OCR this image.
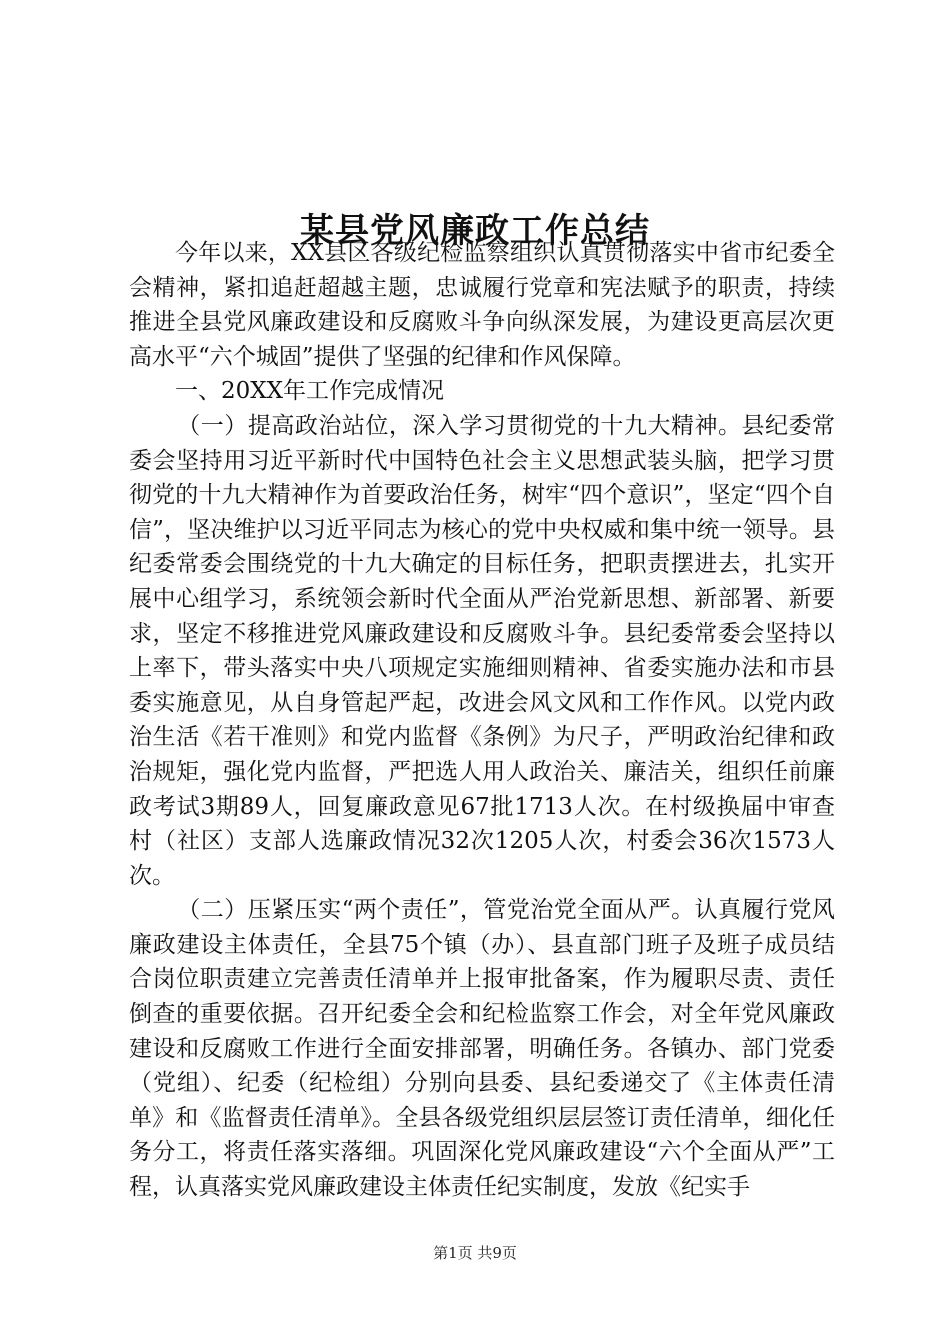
某县党风廉政工作总结

今年以来，XX县区各级纪检监察组织认真贯彻落实中省市纪委全会精神，紧扣追赶超越主题，忠诚履行党章和宪法赋予的职责，持续推进全县党风廉政建设和反腐败斗争向纵深发展，为建设更高层次更高水平“六个城固”提供了坚强的纪律和作风保障。

一、20XX年工作完成情况

（一）提高政治站位，深入学习贯彻党的十九大精神。县纪委常委会坚持用习近平新时代中国特色社会主义思想武装头脑，把学习贯彻党的十九大精神作为首要政治任务，树牢“四个意识”，坚定“四个自信”，坚决维护以习近平同志为核心的党中央权威和集中统一领导。县纪委常委会围绕党的十九大确定的目标任务，把职责摆进去，扎实开展中心组学习，系统领会新时代全面从严治党新思想、新部署、新要求，坚定不移推进党风廉政建设和反腐败斗争。县纪委常委会坚持以上率下，带头落实中央八项规定实施细则精神、省委实施办法和市县委实施意见，从自身管起严起，改进会风文风和工作作风。以党内政治生活《若干准则》和党内监督《条例》为尺子，严明政治纪律和政治规矩，强化党内监督，严把选人用人政治关、廉洁关，组织任前廉政考试3期89人，回复廉政意见67批1713人次。在村级换届中审查村（社区）支部人选廉政情况32次1205人次，村委会36次1573人次。

（二）压紧压实“两个责任”，管党治党全面从严。认真履行党风廉政建设主体责任，全县75个镇（办）、县直部门班子及班子成员结合岗位职责建立完善责任清单并上报审批备案，作为履职尽责、责任倒查的重要依据。召开纪委全会和纪检监察工作会，对全年党风廉政建设和反腐败工作进行全面安排部署，明确任务。各镇办、部门党委（党组）、纪委（纪检组）分别向县委、县纪委递交了《主体责任清单》和《监督责任清单》。全县各级党组织层层签订责任清单，细化任务分工，将责任落实落细。巩固深化党风廉政建设“六个全面从严”工程，认真落实党风廉政建设主体责任纪实制度，发放《纪实手

第1页 共9页
